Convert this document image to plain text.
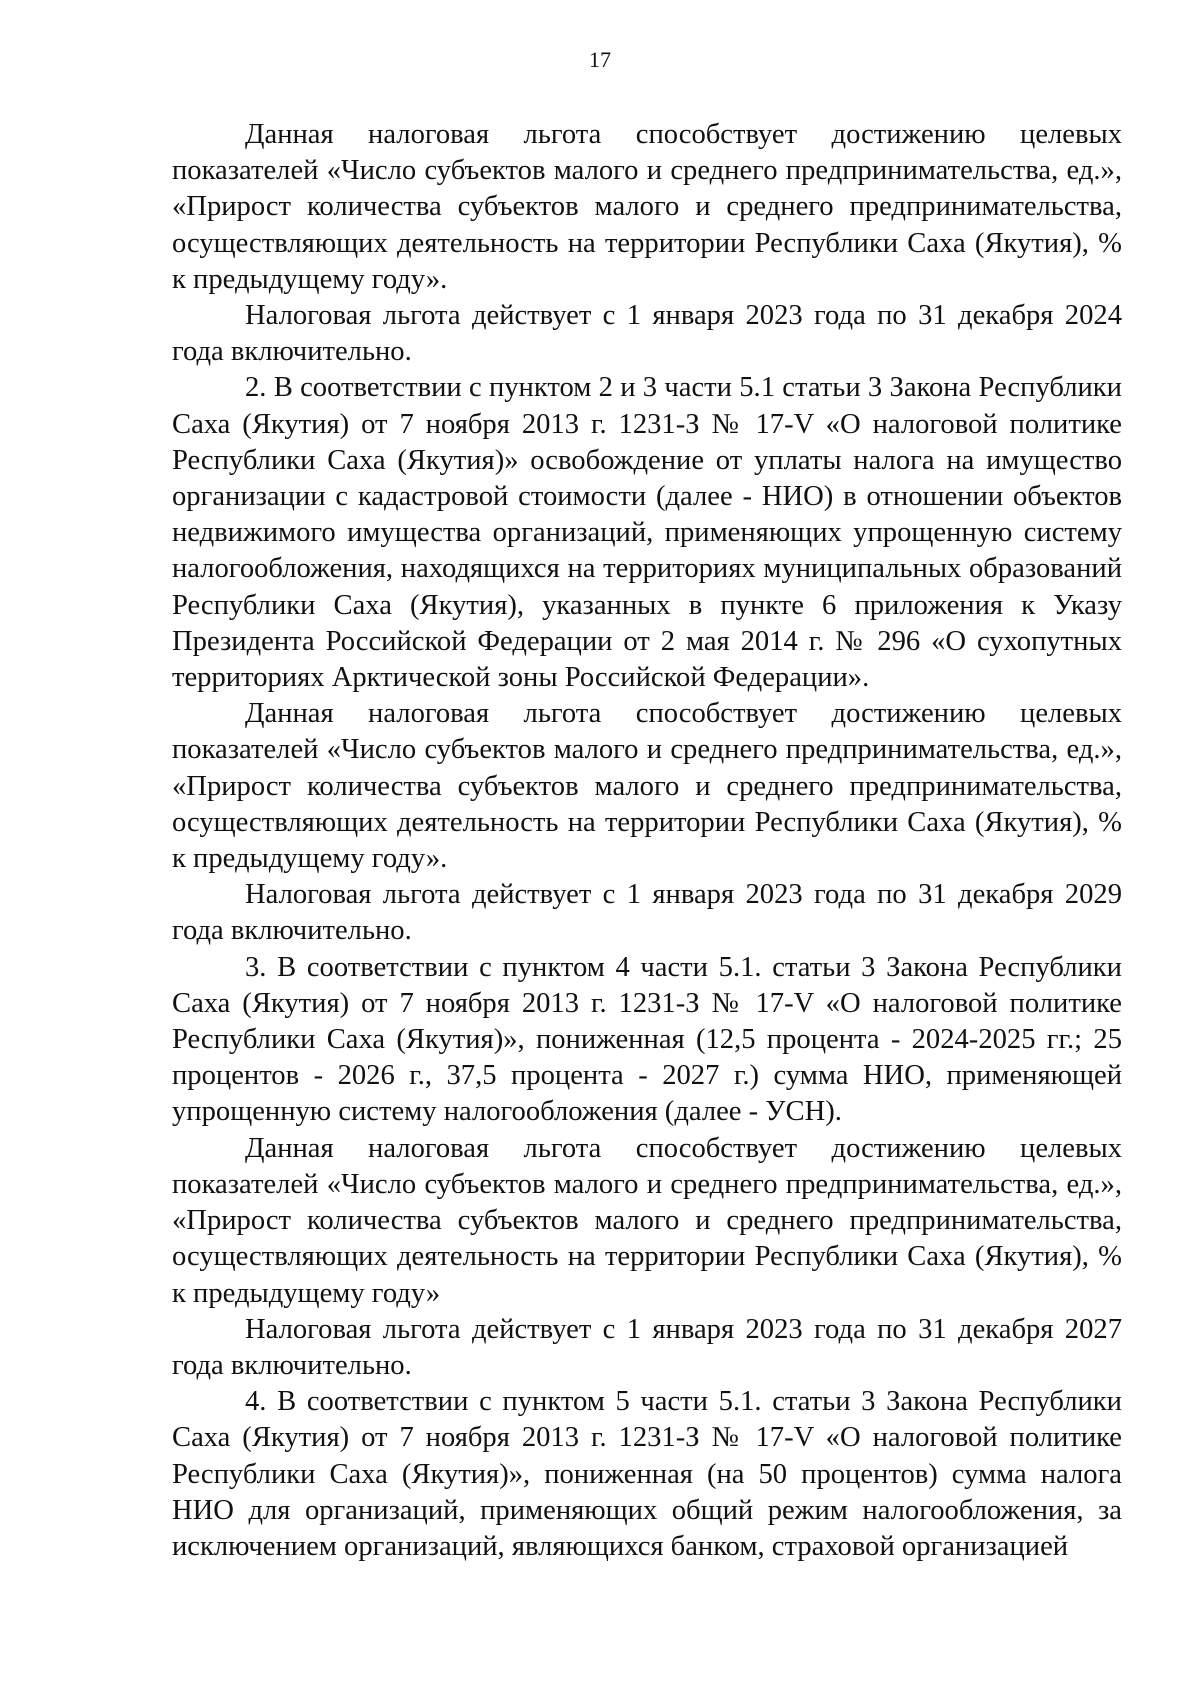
17

Данная налоговая льгота способствует достижению целевых показателей «Число субъектов малого и среднего предпринимательства, ед.», «Прирост количества субъектов малого и среднего предпринимательства, осуществляющих деятельность на территории Республики Саха (Якутия), % к предыдущему году».

Налоговая льгота действует с 1 января 2023 года по 31 декабря 2024 года включительно.

2. В соответствии с пунктом 2 и 3 части 5.1 статьи 3 Закона Республики Саха (Якутия) от 7 ноября 2013 г. 1231-З № 17-V «О налоговой политике Республики Саха (Якутия)» освобождение от уплаты налога на имущество организации с кадастровой стоимости (далее - НИО) в отношении объектов недвижимого имущества организаций, применяющих упрощенную систему налогообложения, находящихся на территориях муниципальных образований Республики Саха (Якутия), указанных в пункте 6 приложения к Указу Президента Российской Федерации от 2 мая 2014 г. № 296 «О сухопутных территориях Арктической зоны Российской Федерации».

Данная налоговая льгота способствует достижению целевых показателей «Число субъектов малого и среднего предпринимательства, ед.», «Прирост количества субъектов малого и среднего предпринимательства, осуществляющих деятельность на территории Республики Саха (Якутия), % к предыдущему году».

Налоговая льгота действует с 1 января 2023 года по 31 декабря 2029 года включительно.

3. В соответствии с пунктом 4 части 5.1. статьи 3 Закона Республики Саха (Якутия) от 7 ноября 2013 г. 1231-З № 17-V «О налоговой политике Республики Саха (Якутия)», пониженная (12,5 процента - 2024-2025 гг.; 25 процентов - 2026 г., 37,5 процента - 2027 г.) сумма НИО, применяющей упрощенную систему налогообложения (далее - УСН).

Данная налоговая льгота способствует достижению целевых показателей «Число субъектов малого и среднего предпринимательства, ед.», «Прирост количества субъектов малого и среднего предпринимательства, осуществляющих деятельность на территории Республики Саха (Якутия), % к предыдущему году»

Налоговая льгота действует с 1 января 2023 года по 31 декабря 2027 года включительно.

4. В соответствии с пунктом 5 части 5.1. статьи 3 Закона Республики Саха (Якутия) от 7 ноября 2013 г. 1231-З № 17-V «О налоговой политике Республики Саха (Якутия)», пониженная (на 50 процентов) сумма налога НИО для организаций, применяющих общий режим налогообложения, за исключением организаций, являющихся банком, страховой организацией
